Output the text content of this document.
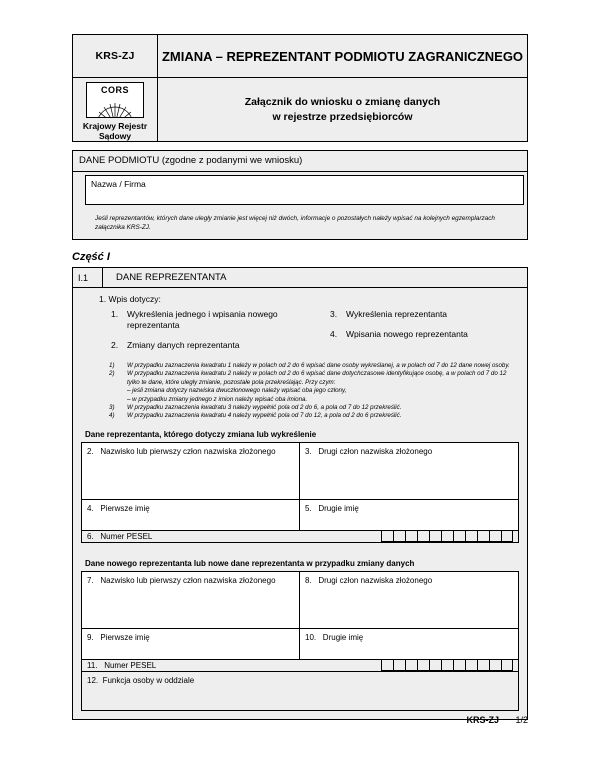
KRS-ZJ
CORS
Krajowy Rejestr
Sądowy
ZMIANA – REPREZENTANT PODMIOTU ZAGRANICZNEGO
Załącznik do wniosku o zmianę danych
w rejestrze przedsiębiorców
DANE PODMIOTU (zgodne z podanymi we wniosku)
Nazwa / Firma
Jeśli reprezentantów, których dane uległy zmianie jest więcej niż dwóch, informacje o pozostałych należy wpisać na kolejnych egzemplarzach załącznika KRS-ZJ.
Część I
I.1	DANE REPREZENTANTA
1. Wpis dotyczy:
1.	Wykreślenia jednego i wpisania nowego reprezentanta
2.	Zmiany danych reprezentanta
3.	Wykreślenia reprezentanta
4.	Wpisania nowego reprezentanta
1)	W przypadku zaznaczenia kwadratu 1 należy w polach od 2 do 6 wpisać dane osoby wykreślanej, a w polach od 7 do 12 dane nowej osoby.
2)	W przypadku zaznaczenia kwadratu 2 należy w polach od 2 do 6 wpisać dane dotychczasowe identyfikujące osobę, a w polach od 7 do 12 tylko te dane, które uległy zmianie, pozostałe pola przekreślając. Przy czym:
– jeśli zmiana dotyczy nazwiska dwuczłonowego należy wpisać oba jego człony,
– w przypadku zmiany jednego z imion należy wpisać oba imiona.
3)	W przypadku zaznaczenia kwadratu 3 należy wypełnić pola od 2 do 6, a pola od 7 do 12 przekreślić.
4)	W przypadku zaznaczenia kwadratu 4 należy wypełnić pola od 7 do 12, a pola od 2 do 6 przekreślić.
Dane reprezentanta, którego dotyczy zmiana lub wykreślenie
2. Nazwisko lub pierwszy człon nazwiska złożonego	3. Drugi człon nazwiska złożonego
4. Pierwsze imię	5. Drugie imię
6. Numer PESEL
Dane nowego reprezentanta lub nowe dane reprezentanta w przypadku zmiany danych
7. Nazwisko lub pierwszy człon nazwiska złożonego	8. Drugi człon nazwiska złożonego
9. Pierwsze imię	10. Drugie imię
11. Numer PESEL
12.
Funkcja osoby w oddziale
KRS-ZJ 1/2
